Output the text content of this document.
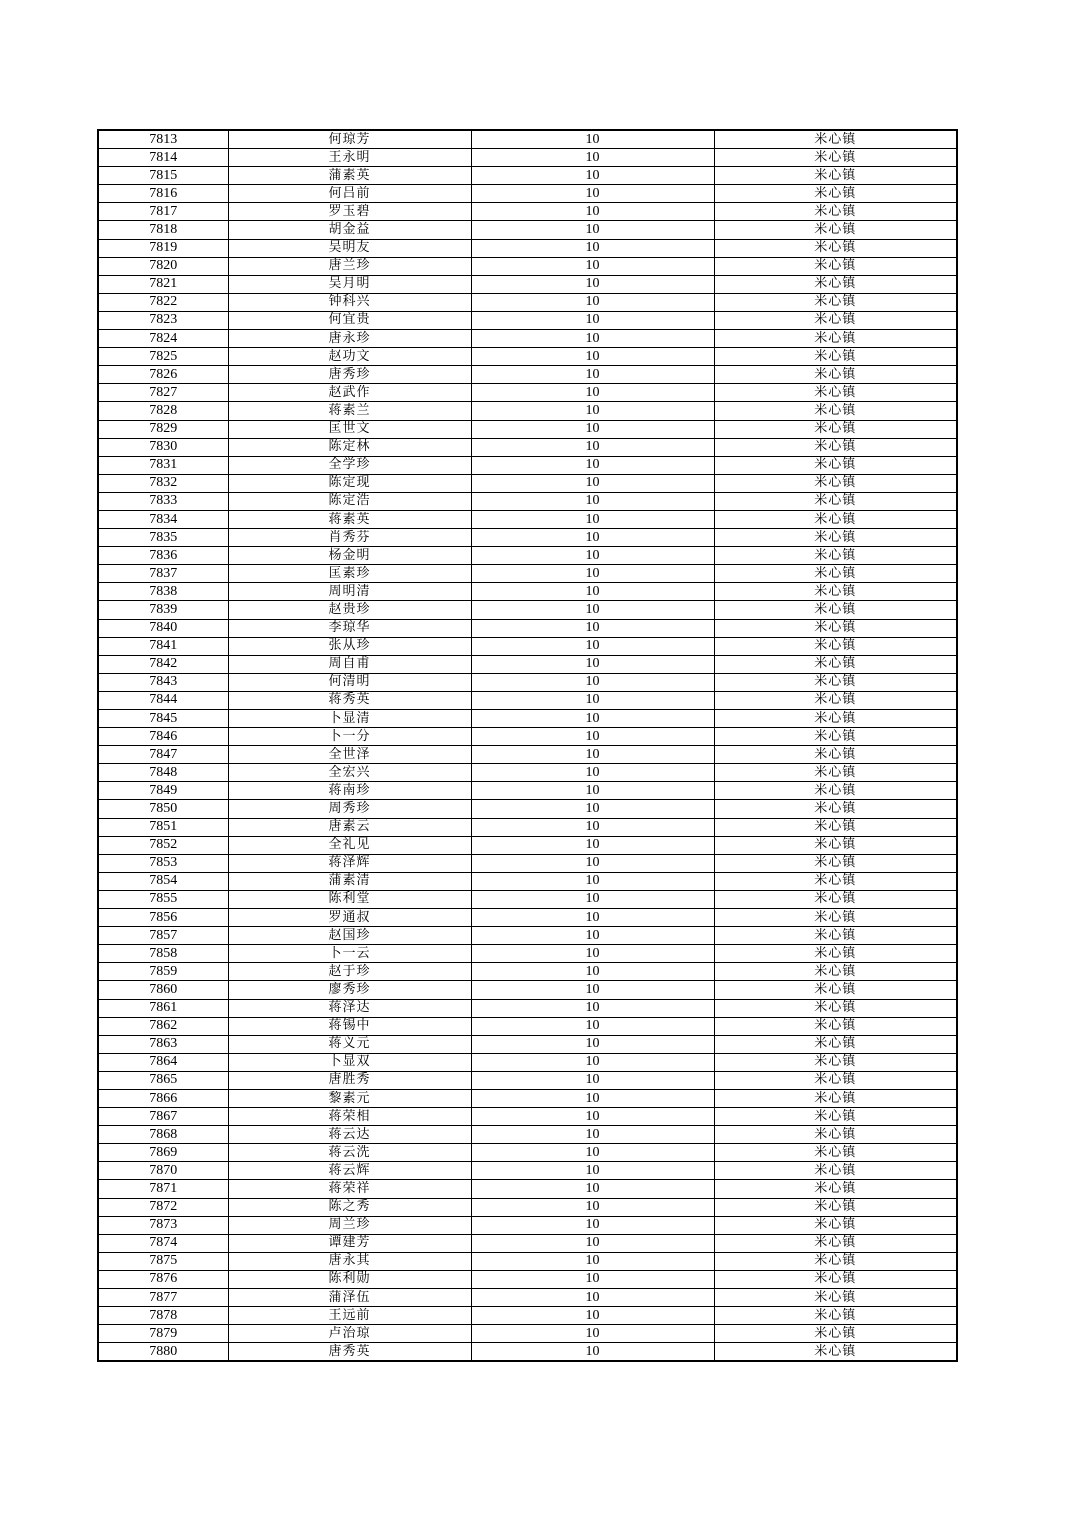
7813	何琼芳	10	米心镇
7814	王永明	10	米心镇
7815	蒲素英	10	米心镇
7816	何吕前	10	米心镇
7817	罗玉碧	10	米心镇
7818	胡金益	10	米心镇
7819	吴明友	10	米心镇
7820	唐兰珍	10	米心镇
7821	吴月明	10	米心镇
7822	钟科兴	10	米心镇
7823	何宜贵	10	米心镇
7824	唐永珍	10	米心镇
7825	赵功文	10	米心镇
7826	唐秀珍	10	米心镇
7827	赵武作	10	米心镇
7828	蒋素兰	10	米心镇
7829	匡世文	10	米心镇
7830	陈定林	10	米心镇
7831	全学珍	10	米心镇
7832	陈定现	10	米心镇
7833	陈定浩	10	米心镇
7834	蒋素英	10	米心镇
7835	肖秀芬	10	米心镇
7836	杨金明	10	米心镇
7837	匡素珍	10	米心镇
7838	周明清	10	米心镇
7839	赵贵珍	10	米心镇
7840	李琼华	10	米心镇
7841	张从珍	10	米心镇
7842	周自甫	10	米心镇
7843	何清明	10	米心镇
7844	蒋秀英	10	米心镇
7845	卜显清	10	米心镇
7846	卜一分	10	米心镇
7847	全世泽	10	米心镇
7848	全宏兴	10	米心镇
7849	蒋南珍	10	米心镇
7850	周秀珍	10	米心镇
7851	唐素云	10	米心镇
7852	全礼见	10	米心镇
7853	蒋泽辉	10	米心镇
7854	蒲素清	10	米心镇
7855	陈利堂	10	米心镇
7856	罗通叔	10	米心镇
7857	赵国珍	10	米心镇
7858	卜一云	10	米心镇
7859	赵于珍	10	米心镇
7860	廖秀珍	10	米心镇
7861	蒋泽达	10	米心镇
7862	蒋锡中	10	米心镇
7863	蒋义元	10	米心镇
7864	卜显双	10	米心镇
7865	唐胜秀	10	米心镇
7866	黎素元	10	米心镇
7867	蒋荣相	10	米心镇
7868	蒋云达	10	米心镇
7869	蒋云洗	10	米心镇
7870	蒋云辉	10	米心镇
7871	蒋荣祥	10	米心镇
7872	陈之秀	10	米心镇
7873	周兰珍	10	米心镇
7874	谭建芳	10	米心镇
7875	唐永其	10	米心镇
7876	陈利勋	10	米心镇
7877	蒲泽伍	10	米心镇
7878	王远前	10	米心镇
7879	卢治琼	10	米心镇
7880	唐秀英	10	米心镇
